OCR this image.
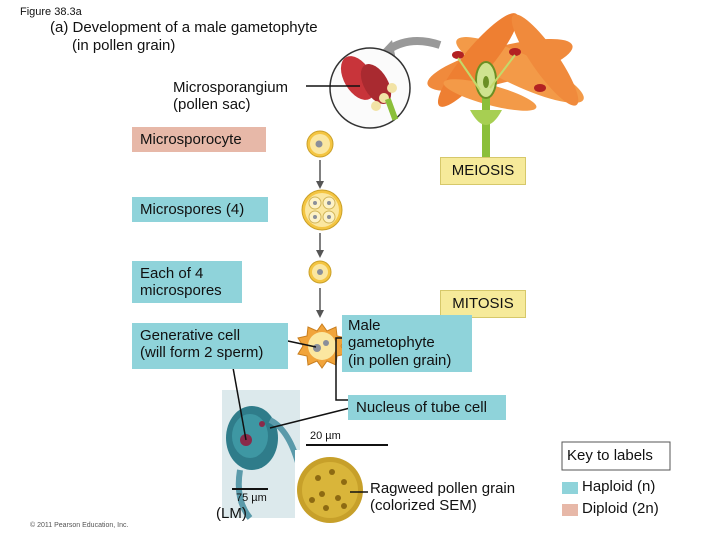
Figure 38.3a
(a) Development of a male gametophyte
(in pollen grain)
Microsporangium
(pollen sac)
Microsporocyte
MEIOSIS
Microspores (4)
Each of 4
microspores
MITOSIS
Generative cell
(will form 2 sperm)
Male
gametophyte
(in pollen grain)
Nucleus of tube cell
20 µm
75 µm
(LM)
Ragweed pollen grain
(colorized SEM)
© 2011 Pearson Education, Inc.
Key to labels
Haploid (n)
Diploid (2n)
